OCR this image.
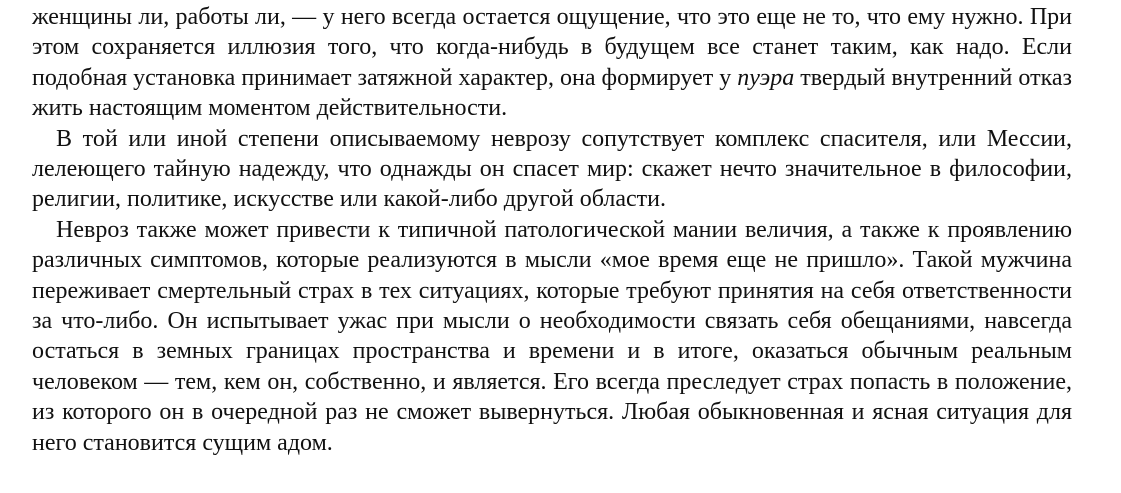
женщины ли, работы ли, — у него всегда остается ощущение, что это еще не то, что ему нужно. При этом сохраняется иллюзия того, что когда-нибудь в будущем все станет таким, как надо. Если подобная установка принимает затяжной характер, она формирует у пуэра твердый внутренний отказ жить настоящим моментом действительности.

В той или иной степени описываемому неврозу сопутствует комплекс спасителя, или Мессии, лелеющего тайную надежду, что однажды он спасет мир: скажет нечто значительное в философии, религии, политике, искусстве или какой-либо другой области.

Невроз также может привести к типичной патологической мании величия, а также к проявлению различных симптомов, которые реализуются в мысли «мое время еще не пришло». Такой мужчина переживает смертельный страх в тех ситуациях, которые требуют принятия на себя ответственности за что-либо. Он испытывает ужас при мысли о необходимости связать себя обещаниями, навсегда остаться в земных границах пространства и времени и в итоге, оказаться обычным реальным человеком — тем, кем он, собственно, и является. Его всегда преследует страх попасть в положение, из которого он в очередной раз не сможет вывернуться. Любая обыкновенная и ясная ситуация для него становится сущим адом.
